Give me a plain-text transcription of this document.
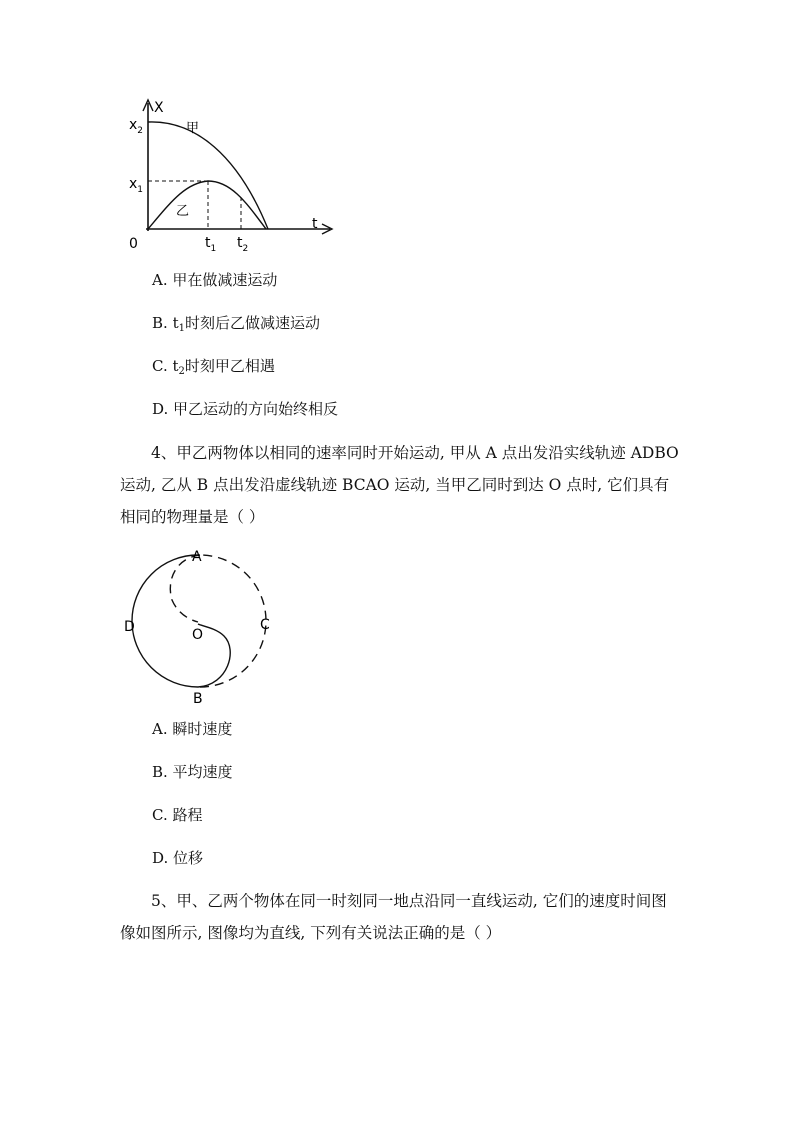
X
t
0
$x_2$
$x_1$
$t_1$ $t_2$
甲
乙
A. 甲在做减速运动
B. $t_1$时刻后乙做减速运动
C. $t_2$时刻甲乙相遇
D. 甲乙运动的方向始终相反
4、甲乙两物体以相同的速率同时开始运动, 甲从 A 点出发沿实线轨迹 ADBO 运动, 乙从 B 点出发沿虚线轨迹 BCAO 运动, 当甲乙同时到达 O 点时, 它们具有相同的物理量是（ ）
A
B
C
D	O
A. 瞬时速度
B. 平均速度
C. 路程
D. 位移
5、甲、乙两个物体在同一时刻同一地点沿同一直线运动, 它们的速度时间图像如图所示, 图像均为直线, 下列有关说法正确的是（ ）
